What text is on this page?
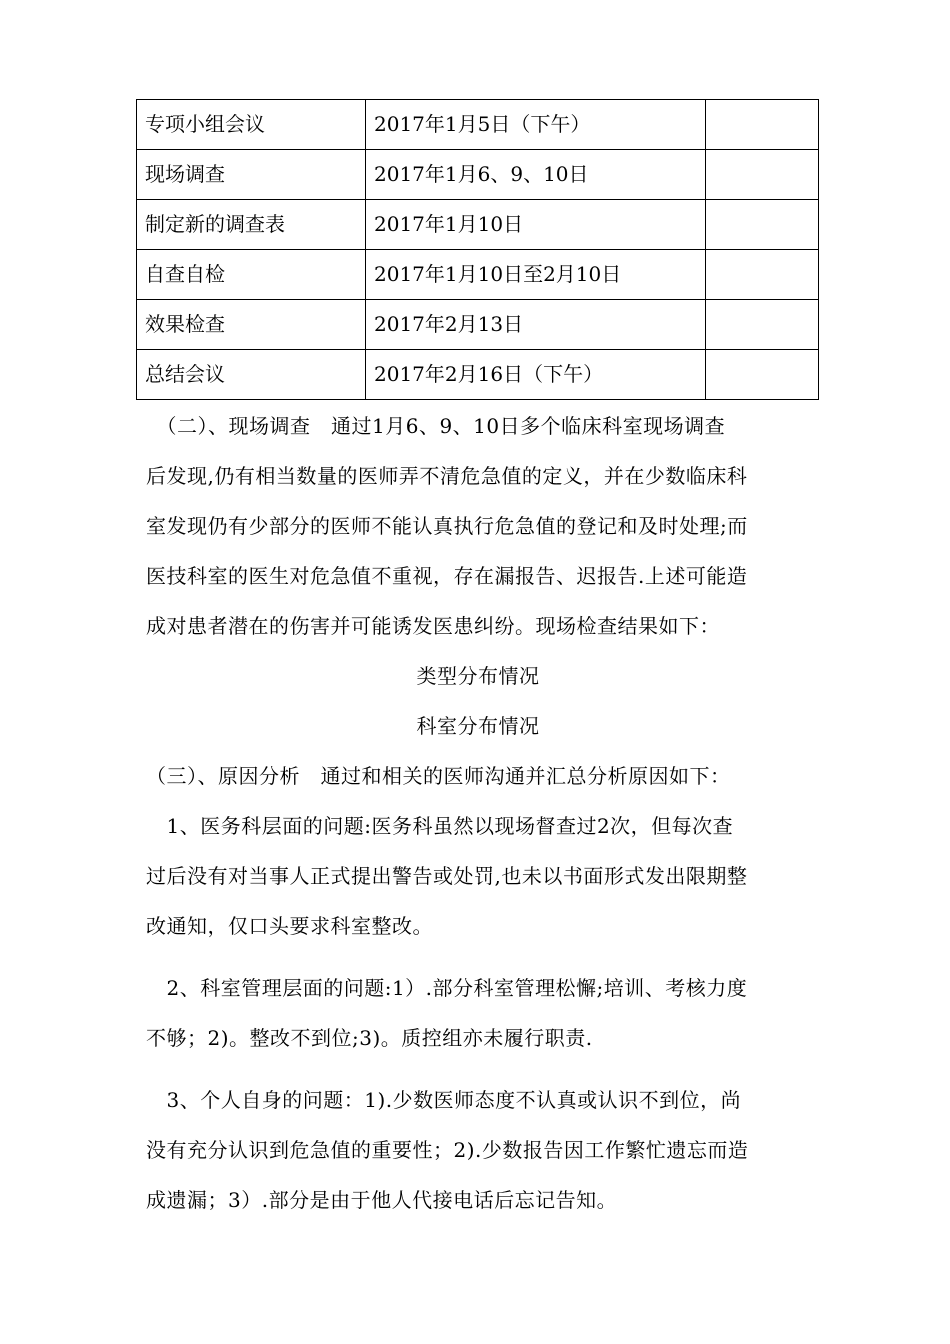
专项小组会议	2017年1月5日（下午）	
现场调查	2017年1月6、9、10日	
制定新的调查表	2017年1月10日	
自查自检	2017年1月10日至2月10日	
效果检查	2017年2月13日	
总结会议	2017年2月16日（下午）	

　（二）、现场调查　通过1月6、9、10日多个临床科室现场调查

后发现,仍有相当数量的医师弄不清危急值的定义，并在少数临床科

室发现仍有少部分的医师不能认真执行危急值的登记和及时处理;而

医技科室的医生对危急值不重视，存在漏报告、迟报告.上述可能造

成对患者潜在的伤害并可能诱发医患纠纷。现场检查结果如下：

类型分布情况

科室分布情况

（三）、原因分析　通过和相关的医师沟通并汇总分析原因如下：

　1、医务科层面的问题:医务科虽然以现场督查过2次，但每次查

过后没有对当事人正式提出警告或处罚,也未以书面形式发出限期整

改通知，仅口头要求科室整改。

　2、科室管理层面的问题:1）.部分科室管理松懈;培训、考核力度

不够；2)。整改不到位;3)。质控组亦未履行职责.

　3、个人自身的问题：1).少数医师态度不认真或认识不到位，尚

没有充分认识到危急值的重要性；2).少数报告因工作繁忙遗忘而造

成遗漏；3）.部分是由于他人代接电话后忘记告知。
